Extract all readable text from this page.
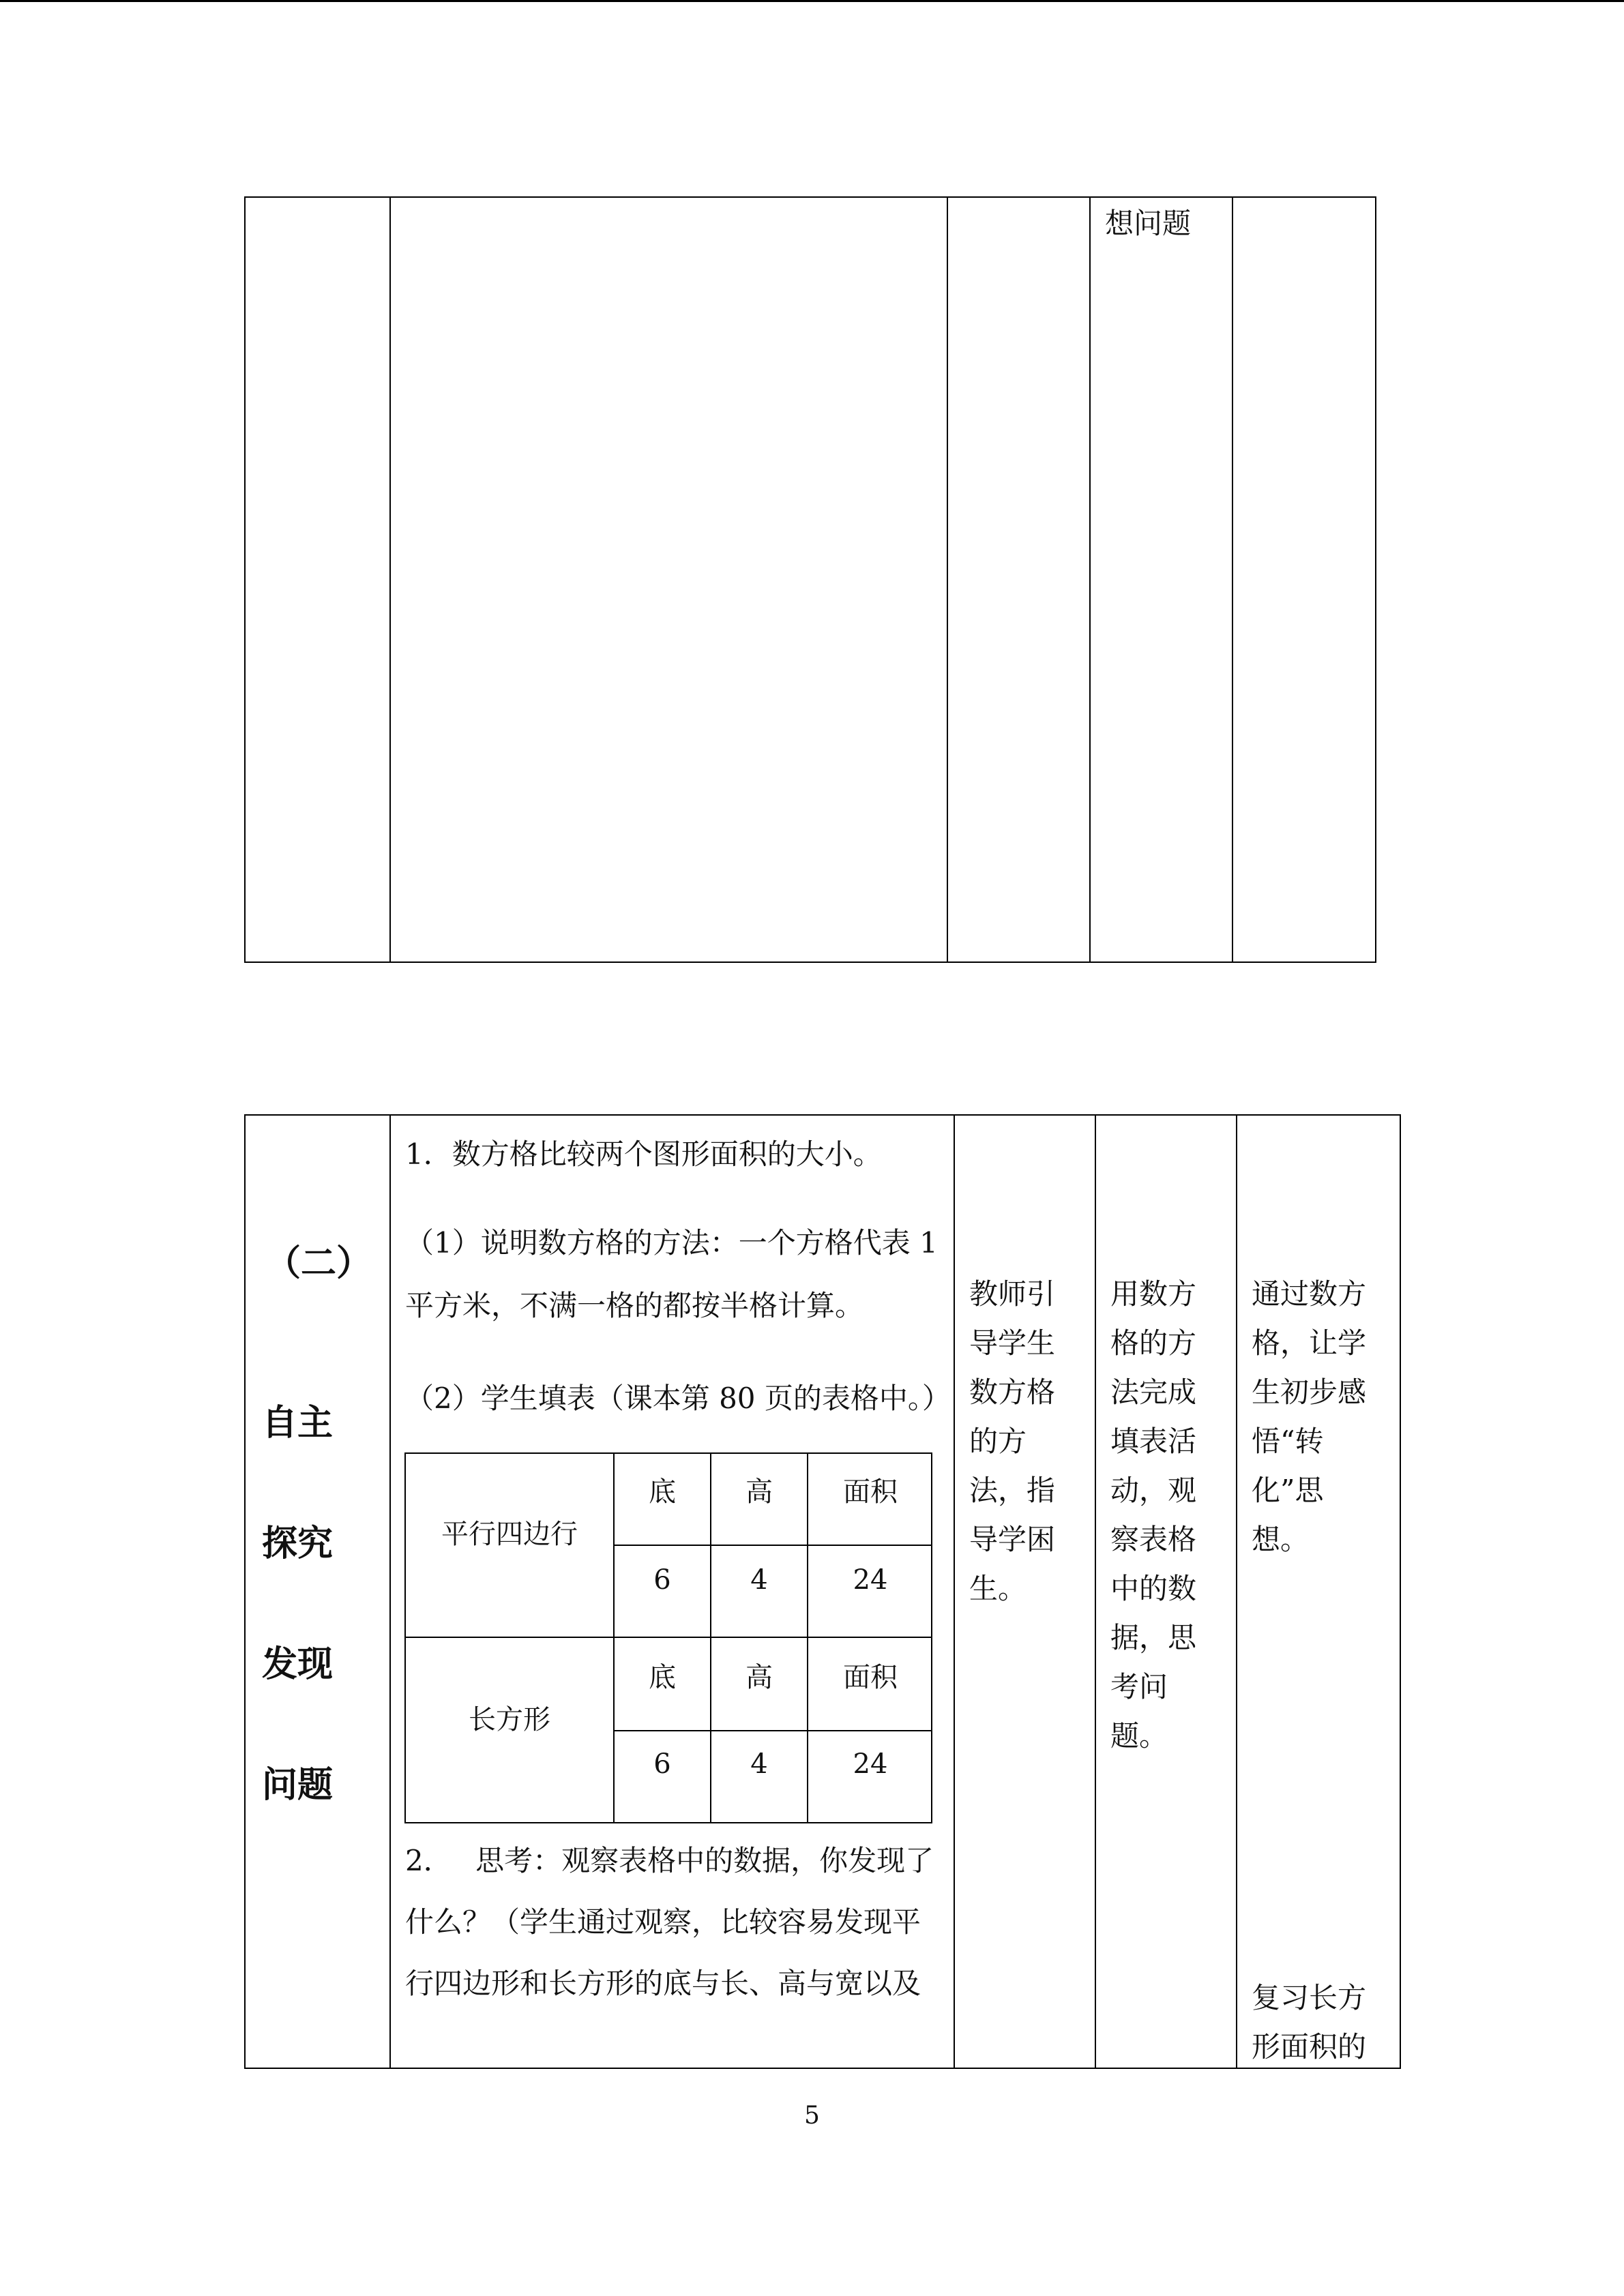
想问题
（二）
自主
探究
发现
问题
1．数方格比较两个图形面积的大小。
（1）说明数方格的方法：一个方格代表 1
平方米，不满一格的都按半格计算。
（2）学生填表（课本第 80 页的表格中。）
平行四边行
底	高	面积
6	4	24
长方形
底	高	面积
6	4	24
2．　 思考：观察表格中的数据，你发现了
什么？（学生通过观察，比较容易发现平
行四边形和长方形的底与长、高与宽以及
教师引
导学生
数方格
的方
法，指
导学困
生。
用数方
格的方
法完成
填表活
动，观
察表格
中的数
据，思
考问
题。
通过数方
格，让学
生初步感
悟“转
化”思
想。
复习长方
形面积的
5
